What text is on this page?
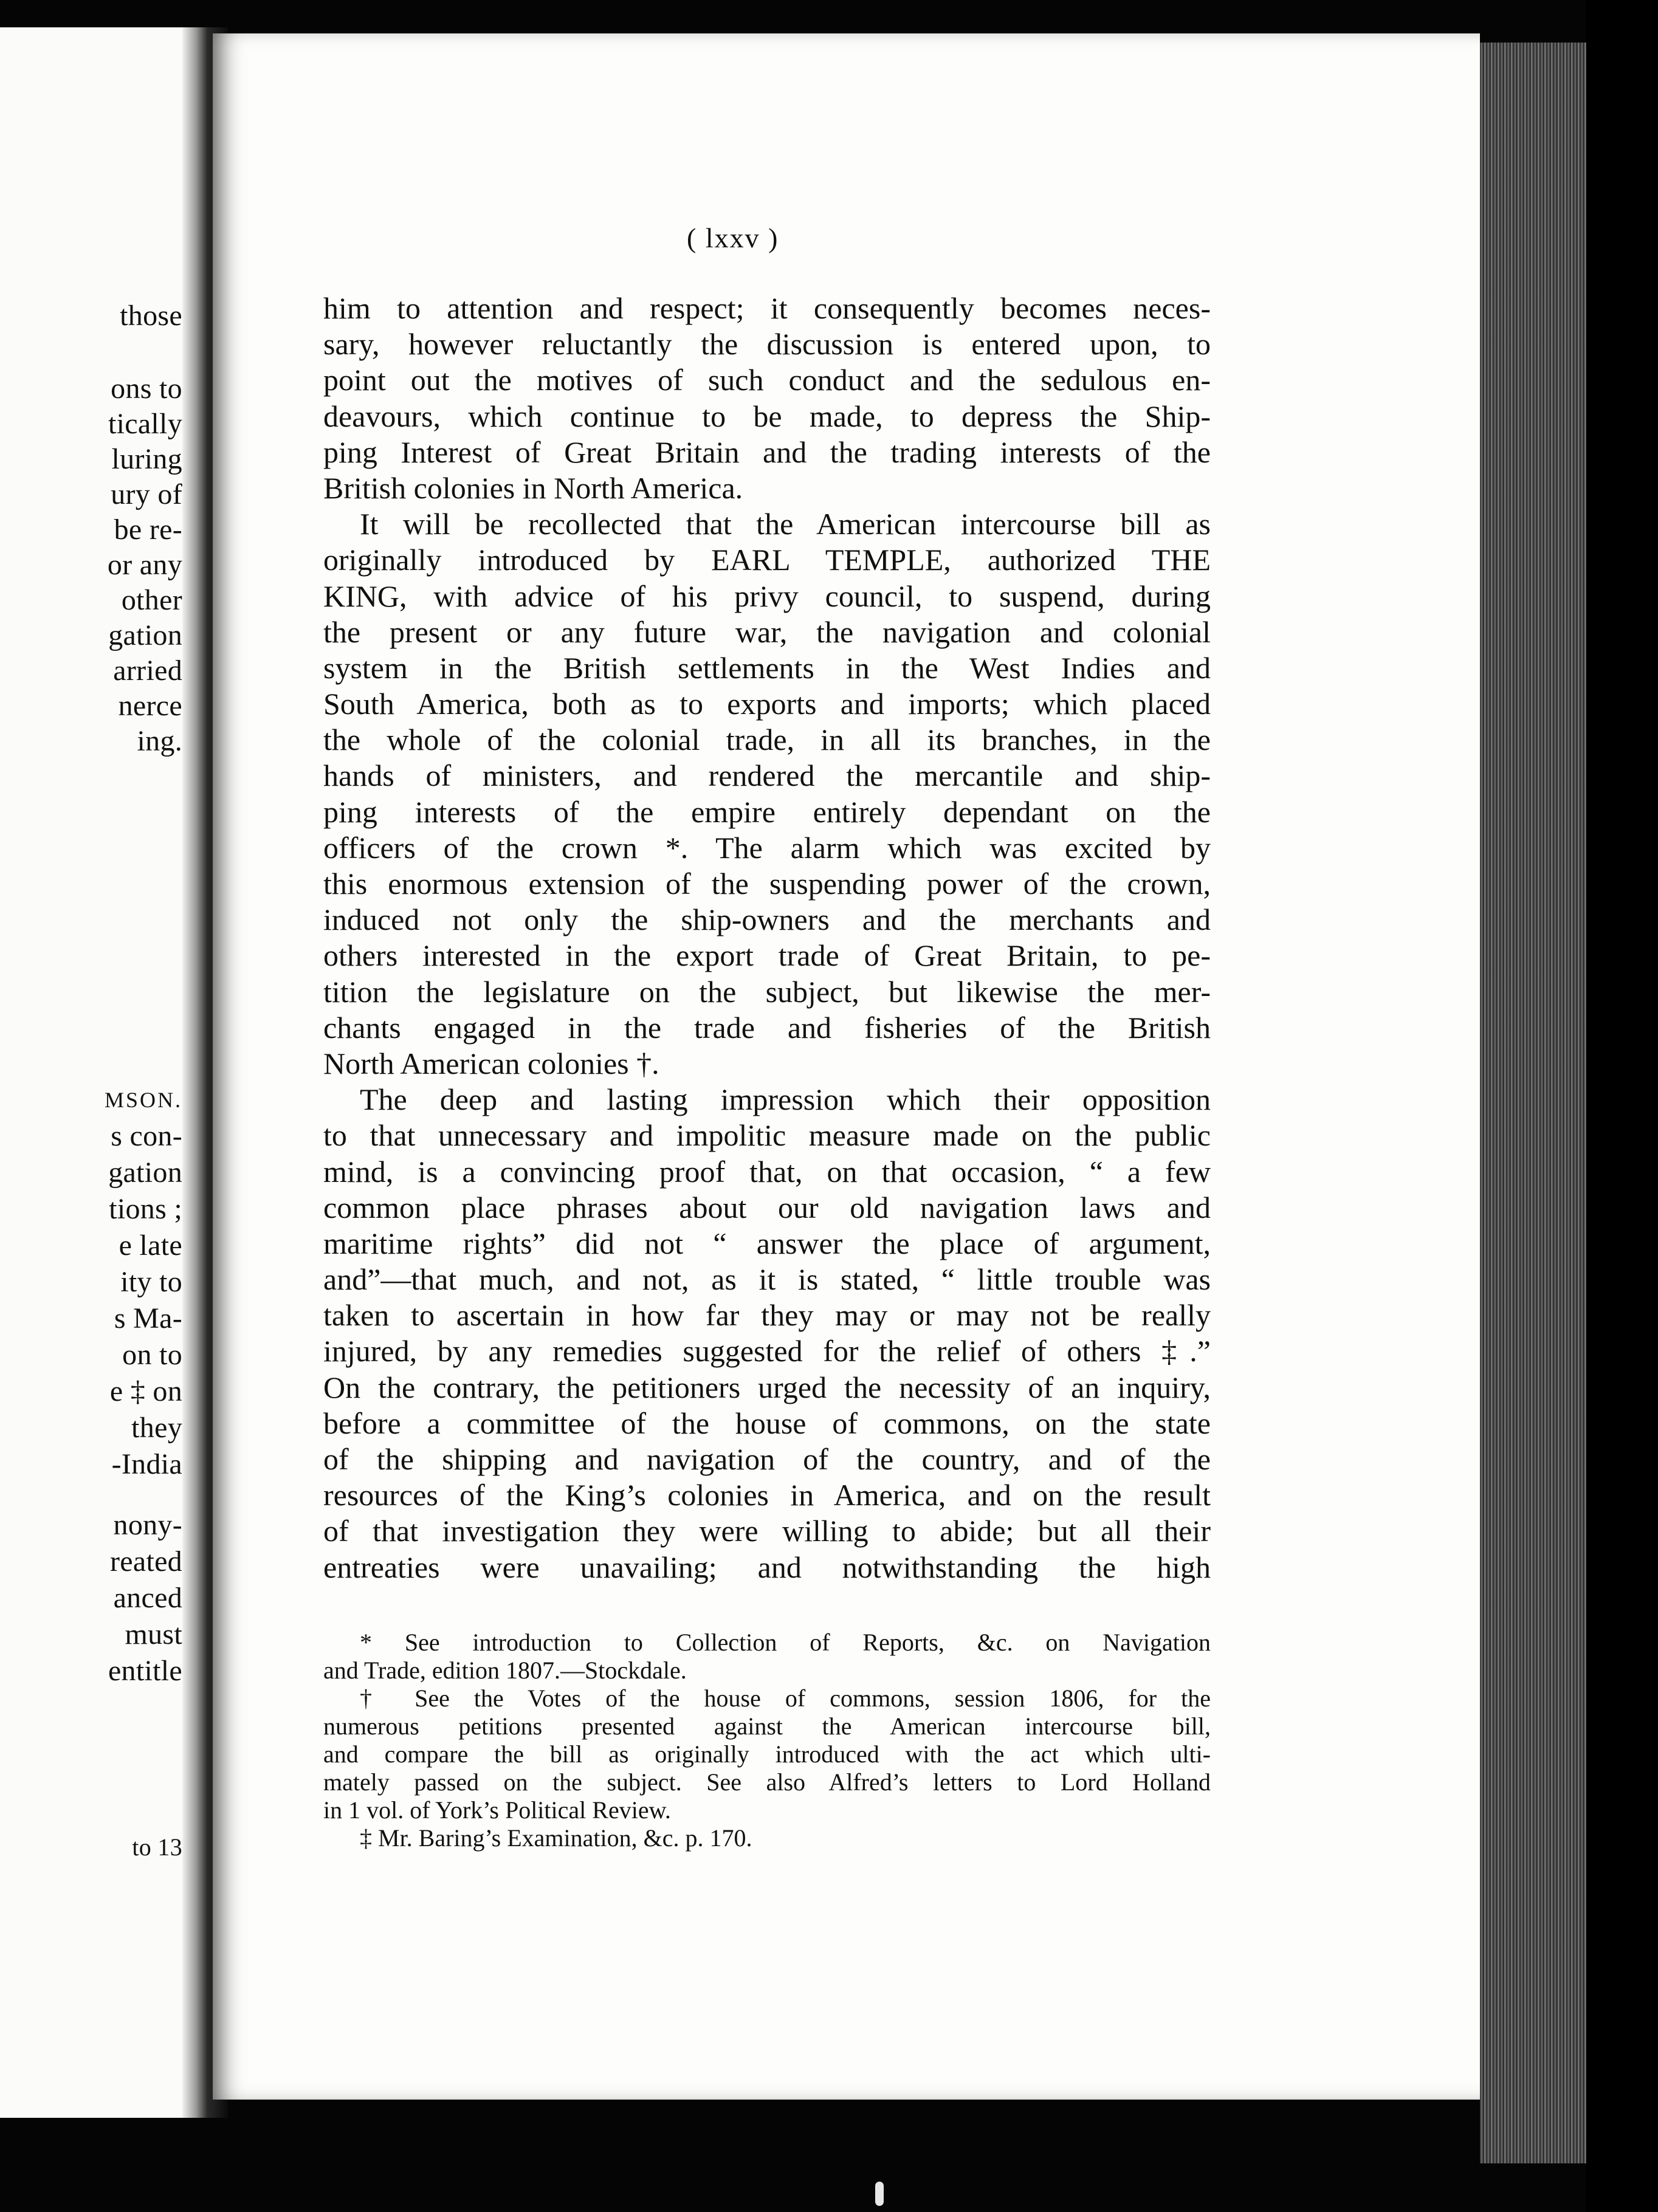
those
ons to
tically
luring
ury of
be re-
or any
other
gation
arried
nerce
ing.
MSON.
s con-
gation
tions ;
e late
ity to
s Ma-
on to
e ‡ on
they
-India
nony-
reated
anced
must
entitle
to 13
( lxxv )
him to attention and respect; it consequently becomes neces-
sary, however reluctantly the discussion is entered upon, to
point out the motives of such conduct and the sedulous en-
deavours, which continue to be made, to depress the Ship-
ping Interest of Great Britain and the trading interests of the
British colonies in North America.
It will be recollected that the American intercourse bill as
originally introduced by EARL TEMPLE, authorized THE
KING, with advice of his privy council, to suspend, during
the present or any future war, the navigation and colonial
system in the British settlements in the West Indies and
South America, both as to exports and imports; which placed
the whole of the colonial trade, in all its branches, in the
hands of ministers, and rendered the mercantile and ship-
ping interests of the empire entirely dependant on the
officers of the crown *. The alarm which was excited by
this enormous extension of the suspending power of the crown,
induced not only the ship-owners and the merchants and
others interested in the export trade of Great Britain, to pe-
tition the legislature on the subject, but likewise the mer-
chants engaged in the trade and fisheries of the British
North American colonies †.
The deep and lasting impression which their opposition
to that unnecessary and impolitic measure made on the public
mind, is a convincing proof that, on that occasion, “ a few
common place phrases about our old navigation laws and
maritime rights” did not “ answer the place of argument,
and”—that much, and not, as it is stated, “ little trouble was
taken to ascertain in how far they may or may not be really
injured, by any remedies suggested for the relief of others ‡.”
On the contrary, the petitioners urged the necessity of an inquiry,
before a committee of the house of commons, on the state
of the shipping and navigation of the country, and of the
resources of the King’s colonies in America, and on the result
of that investigation they were willing to abide; but all their
entreaties were unavailing; and notwithstanding the high
* See introduction to Collection of Reports, &c. on Navigation
and Trade, edition 1807.—Stockdale.
† See the Votes of the house of commons, session 1806, for the
numerous petitions presented against the American intercourse bill,
and compare the bill as originally introduced with the act which ulti-
mately passed on the subject. See also Alfred’s letters to Lord Holland
in 1 vol. of York’s Political Review.
‡ Mr. Baring’s Examination, &c. p. 170.
